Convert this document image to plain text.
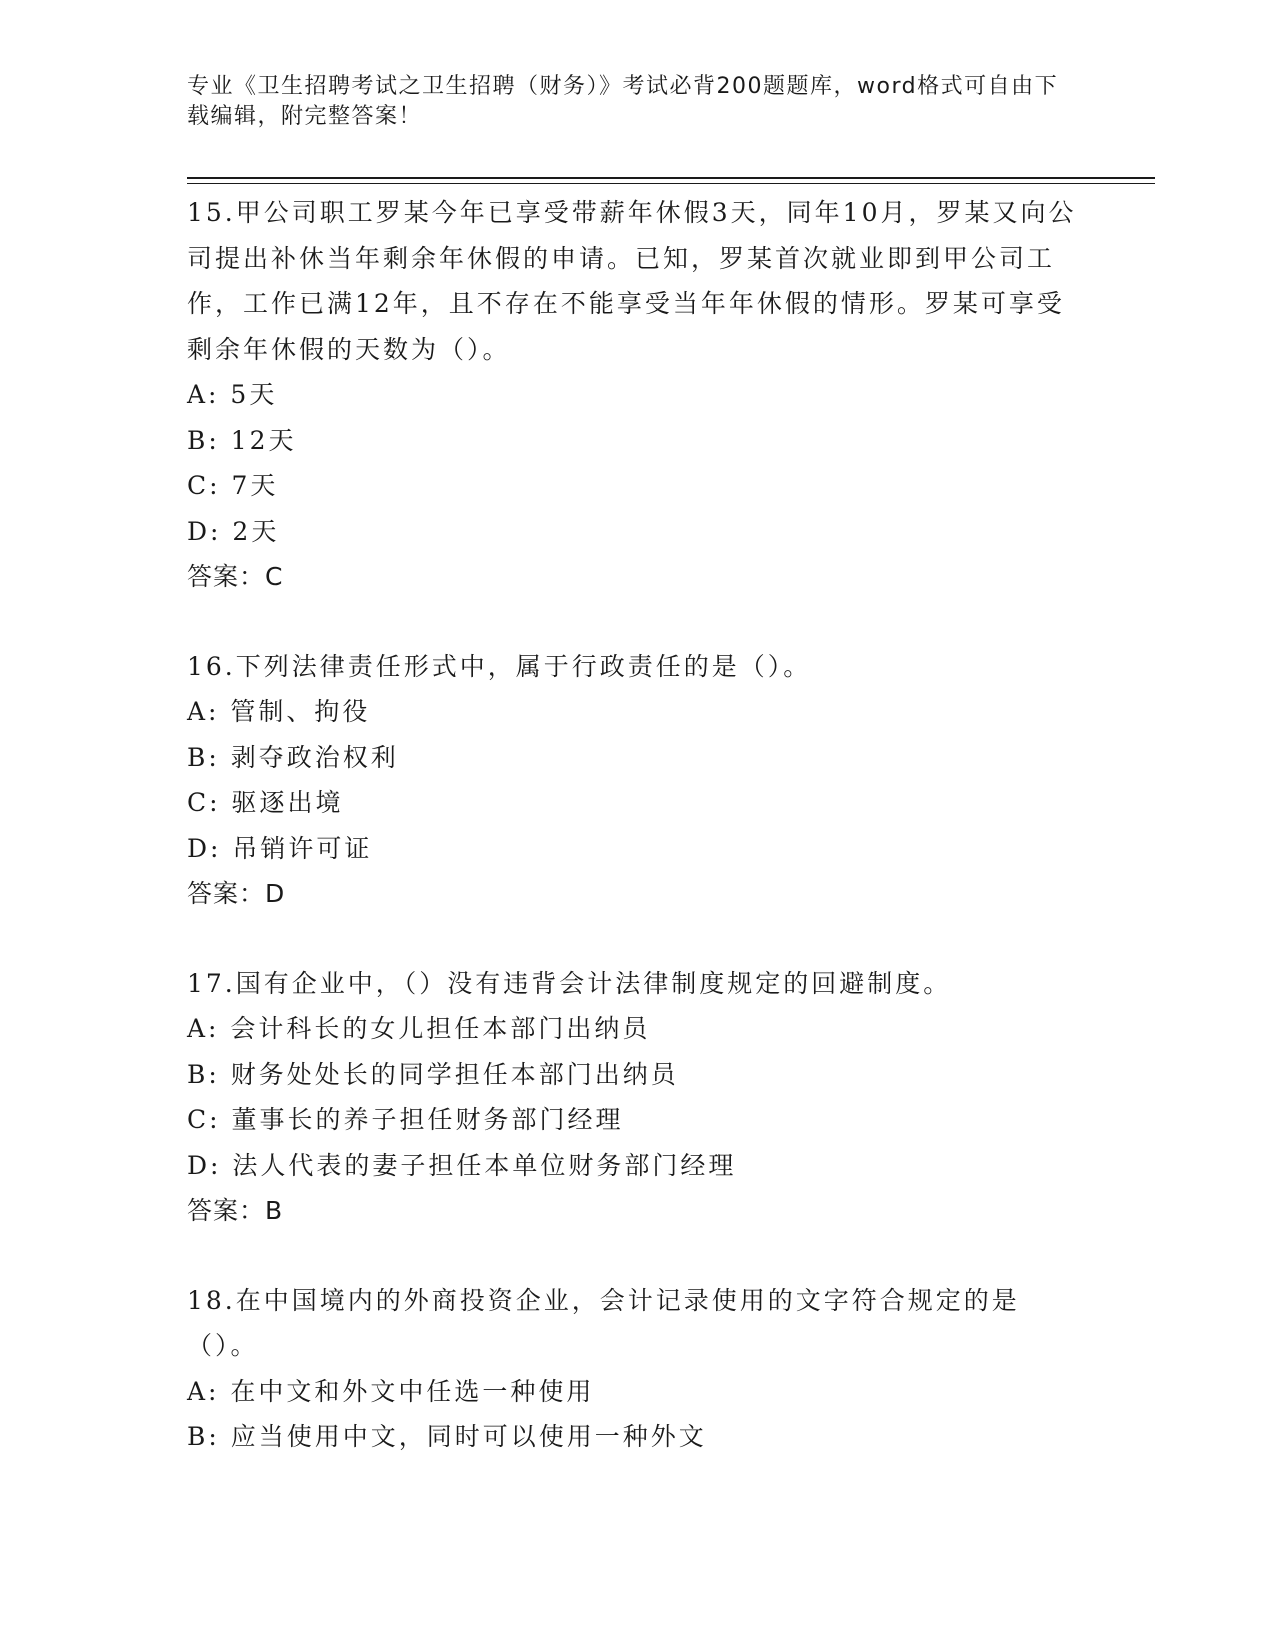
专业《卫生招聘考试之卫生招聘（财务）》考试必背200题题库，word格式可自由下载编辑，附完整答案！
15.甲公司职工罗某今年已享受带薪年休假3天，同年10月，罗某又向公司提出补休当年剩余年休假的申请。已知，罗某首次就业即到甲公司工作，工作已满12年，且不存在不能享受当年年休假的情形。罗某可享受剩余年休假的天数为（）。
A: 5天
B: 12天
C: 7天
D: 2天
答案：C
16.下列法律责任形式中，属于行政责任的是（）。
A: 管制、拘役
B: 剥夺政治权利
C: 驱逐出境
D: 吊销许可证
答案：D
17.国有企业中，（）没有违背会计法律制度规定的回避制度。
A: 会计科长的女儿担任本部门出纳员
B: 财务处处长的同学担任本部门出纳员
C: 董事长的养子担任财务部门经理
D: 法人代表的妻子担任本单位财务部门经理
答案：B
18.在中国境内的外商投资企业，会计记录使用的文字符合规定的是（）。
A: 在中文和外文中任选一种使用
B: 应当使用中文，同时可以使用一种外文
